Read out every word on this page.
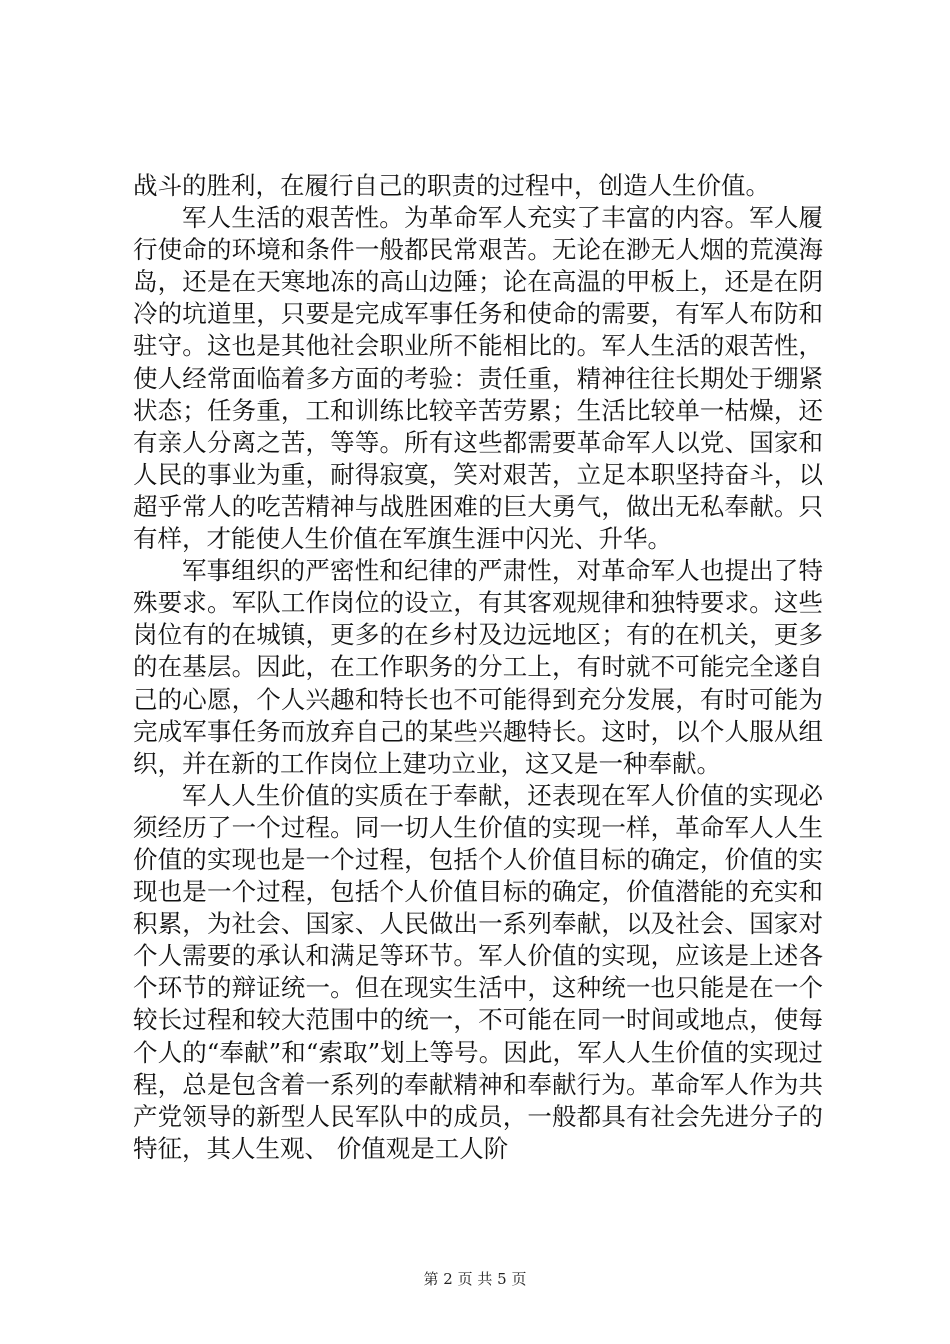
战斗的胜利，在履行自己的职责的过程中，创造人生价值。

军人生活的艰苦性。为革命军人充实了丰富的内容。军人履行使命的环境和条件一般都民常艰苦。无论在渺无人烟的荒漠海岛，还是在天寒地冻的高山边陲；论在高温的甲板上，还是在阴冷的坑道里，只要是完成军事任务和使命的需要，有军人布防和驻守。这也是其他社会职业所不能相比的。军人生活的艰苦性，使人经常面临着多方面的考验：责任重，精神往往长期处于绷紧状态；任务重，工和训练比较辛苦劳累；生活比较单一枯燥，还有亲人分离之苦，等等。所有这些都需要革命军人以党、国家和人民的事业为重，耐得寂寞，笑对艰苦，立足本职坚持奋斗，以超乎常人的吃苦精神与战胜困难的巨大勇气，做出无私奉献。只有样，才能使人生价值在军旗生涯中闪光、升华。

军事组织的严密性和纪律的严肃性，对革命军人也提出了特殊要求。军队工作岗位的设立，有其客观规律和独特要求。这些岗位有的在城镇，更多的在乡村及边远地区；有的在机关，更多的在基层。因此，在工作职务的分工上，有时就不可能完全遂自己的心愿，个人兴趣和特长也不可能得到充分发展，有时可能为完成军事任务而放弃自己的某些兴趣特长。这时，以个人服从组织，并在新的工作岗位上建功立业，这又是一种奉献。

军人人生价值的实质在于奉献，还表现在军人价值的实现必须经历了一个过程。同一切人生价值的实现一样，革命军人人生价值的实现也是一个过程，包括个人价值目标的确定，价值的实现也是一个过程，包括个人价值目标的确定，价值潜能的充实和积累，为社会、国家、人民做出一系列奉献，以及社会、国家对个人需要的承认和满足等环节。军人价值的实现，应该是上述各个环节的辩证统一。但在现实生活中，这种统一也只能是在一个较长过程和较大范围中的统一，不可能在同一时间或地点，使每个人的“奉献”和“索取”划上等号。因此，军人人生价值的实现过程，总是包含着一系列的奉献精神和奉献行为。革命军人作为共产党领导的新型人民军队中的成员，一般都具有社会先进分子的特征，其人生观、 价值观是工人阶

第 2 页 共 5 页
